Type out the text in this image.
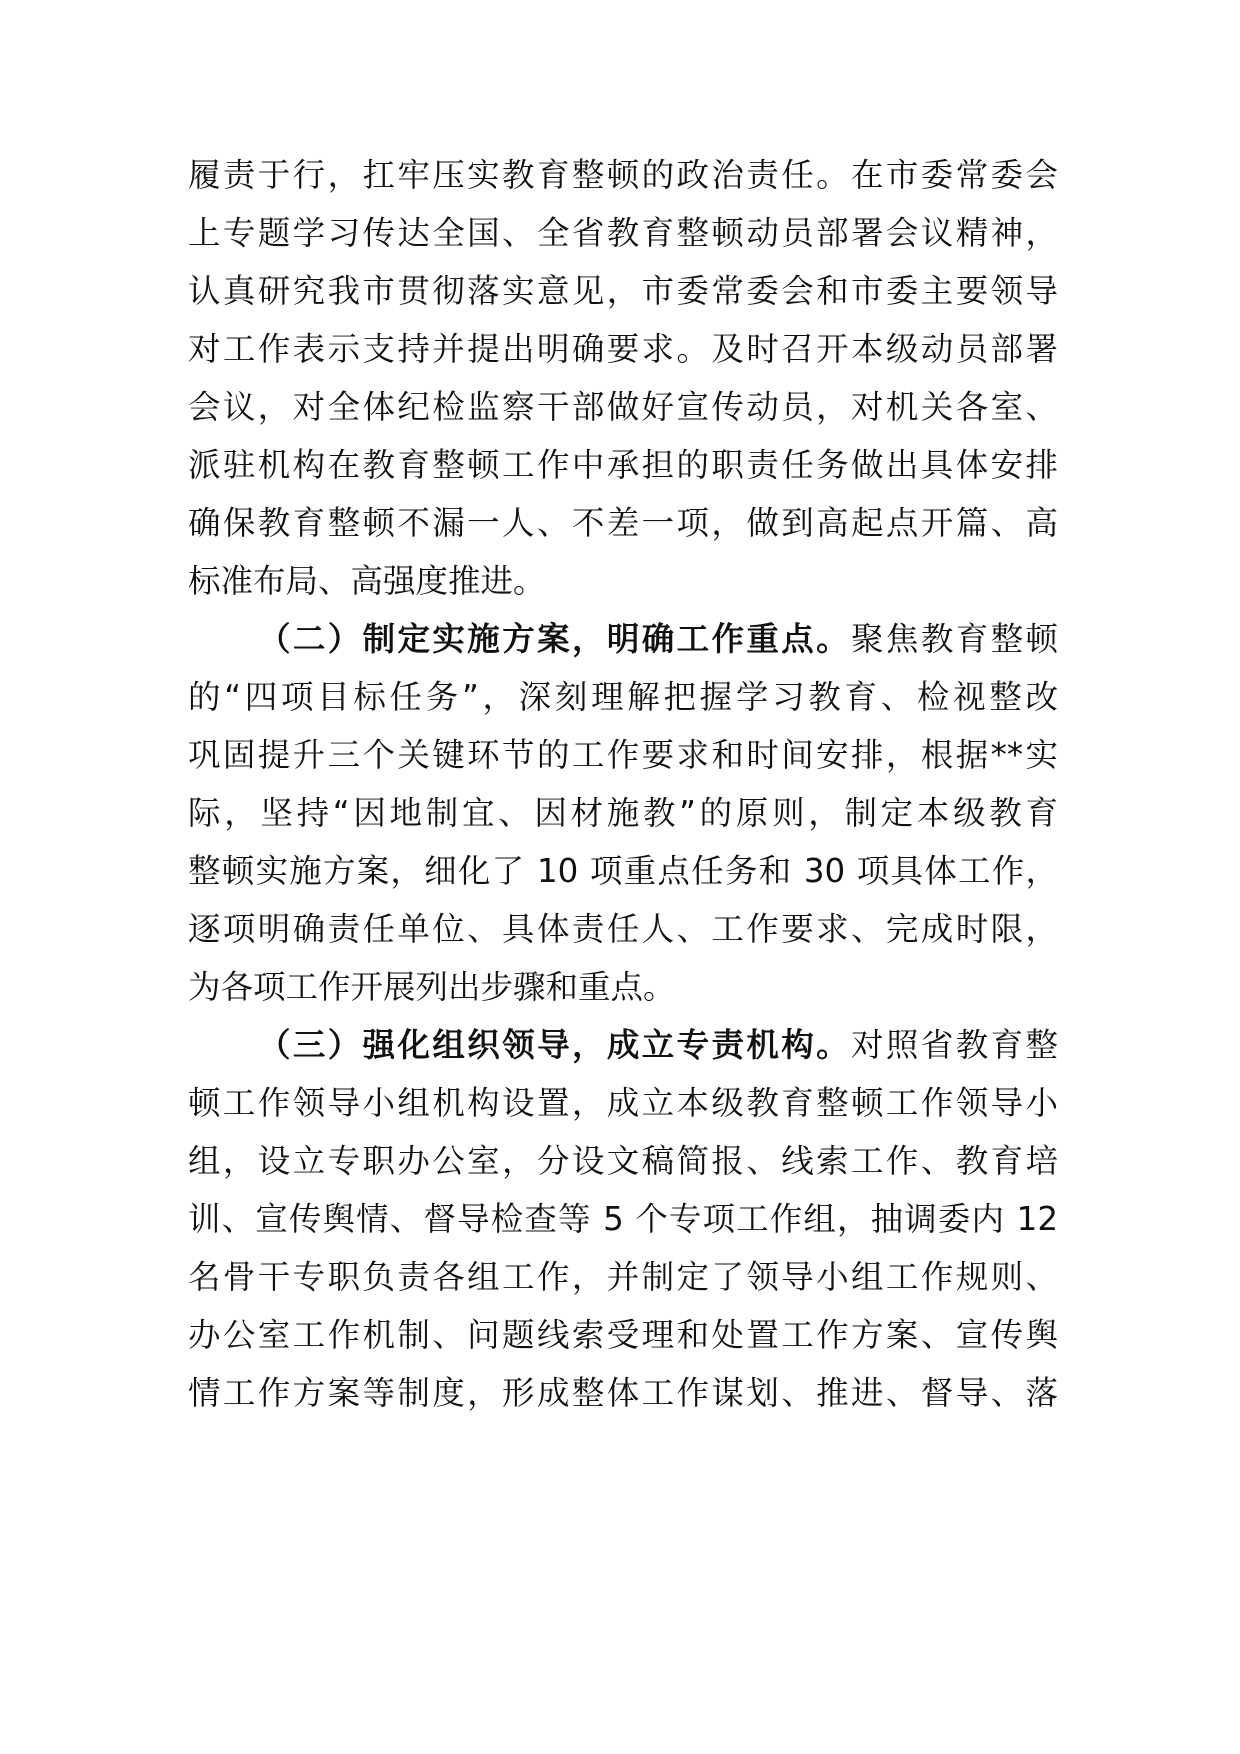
履责于行，扛牢压实教育整顿的政治责任。在市委常委会
上专题学习传达全国、全省教育整顿动员部署会议精神，
认真研究我市贯彻落实意见，市委常委会和市委主要领导
对工作表示支持并提出明确要求。及时召开本级动员部署
会议，对全体纪检监察干部做好宣传动员，对机关各室、
派驻机构在教育整顿工作中承担的职责任务做出具体安排
确保教育整顿不漏一人、不差一项，做到高起点开篇、高
标准布局、高强度推进。
（二）制定实施方案，明确工作重点。聚焦教育整顿
的“四项目标任务”，深刻理解把握学习教育、检视整改
巩固提升三个关键环节的工作要求和时间安排，根据**实
际，坚持“因地制宜、因材施教”的原则，制定本级教育
整顿实施方案，细化了 10 项重点任务和 30 项具体工作，
逐项明确责任单位、具体责任人、工作要求、完成时限，
为各项工作开展列出步骤和重点。
（三）强化组织领导，成立专责机构。对照省教育整
顿工作领导小组机构设置，成立本级教育整顿工作领导小
组，设立专职办公室，分设文稿简报、线索工作、教育培
训、宣传舆情、督导检查等 5 个专项工作组，抽调委内 12
名骨干专职负责各组工作，并制定了领导小组工作规则、
办公室工作机制、问题线索受理和处置工作方案、宣传舆
情工作方案等制度，形成整体工作谋划、推进、督导、落
